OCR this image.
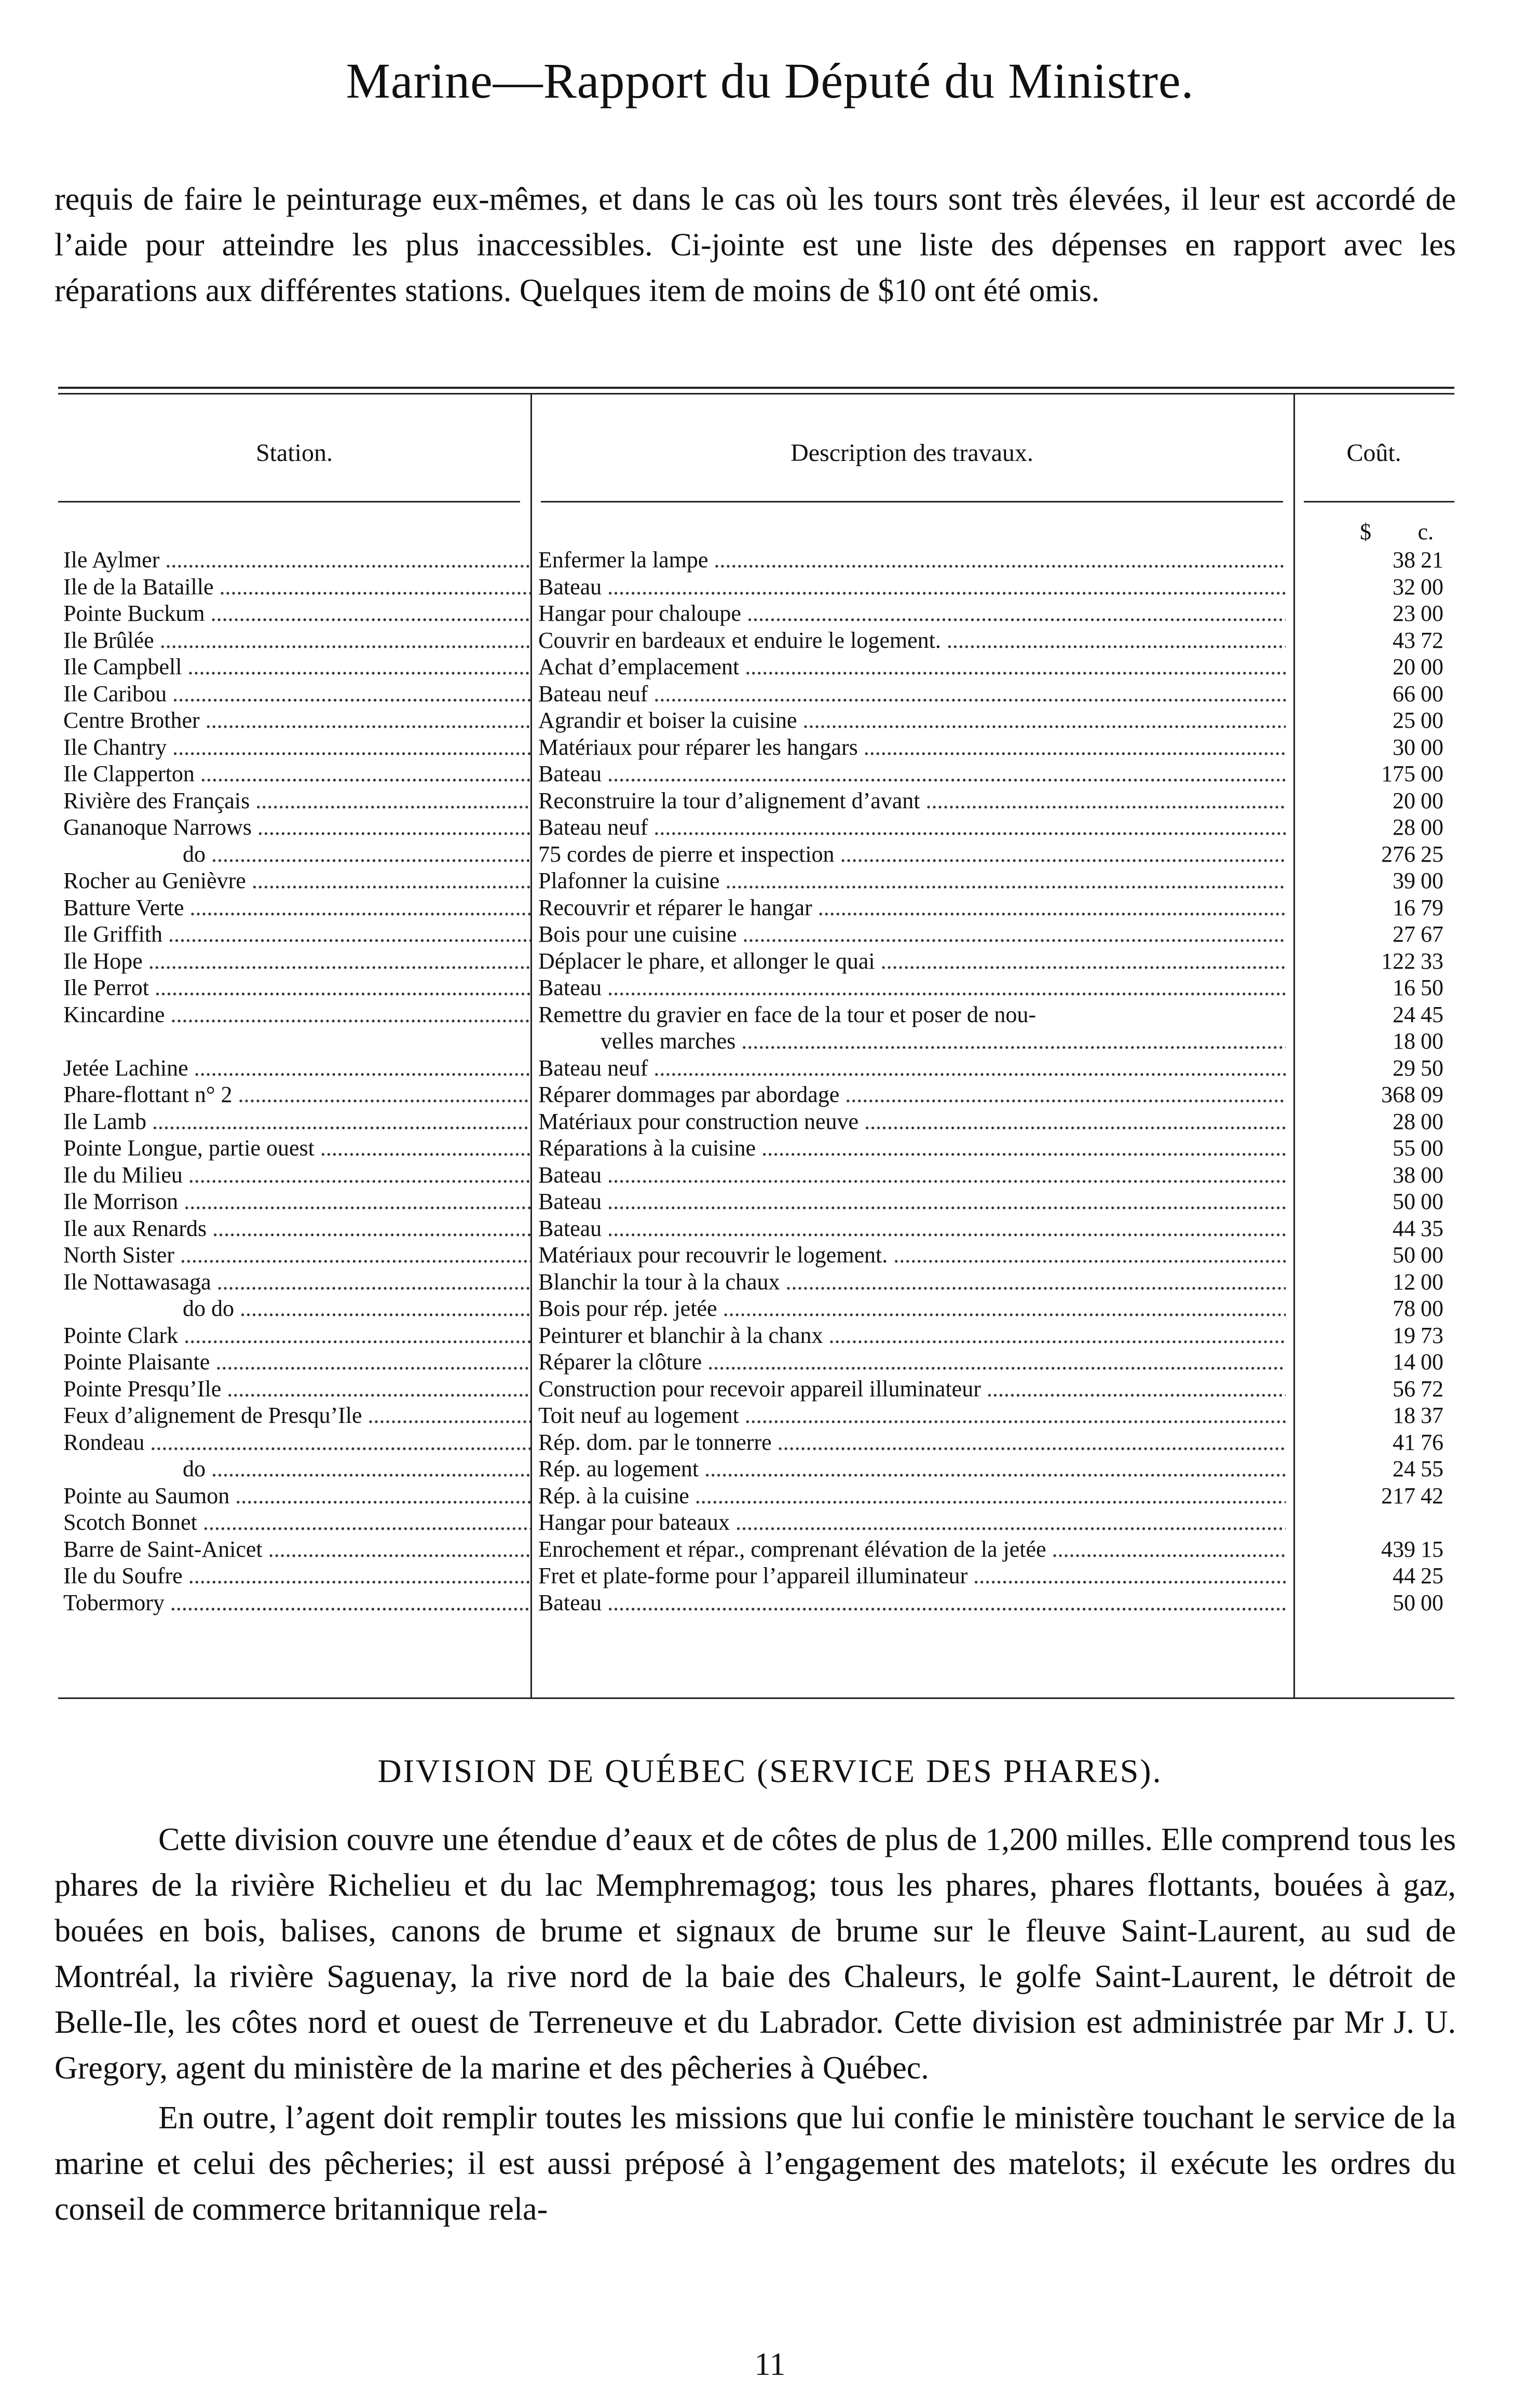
Marine—Rapport du Député du Ministre.

requis de faire le peinturage eux-mêmes, et dans le cas où les tours sont très élevées, il leur est accordé de l’aide pour atteindre les plus inaccessibles. Ci-jointe est une liste des dépenses en rapport avec les réparations aux différentes stations. Quelques item de moins de $10 ont été omis.

Station.	Description des travaux.	Coût.
$ c.
Ile Aylmer .....	Enfermer la lampe .....	38 21
Ile de la Bataille .....	Bateau .....	32 00
Pointe Buckum .....	Hangar pour chaloupe .....	23 00
Ile Brûlée .....	Couvrir en bardeaux et enduire le logement. .....	43 72
Ile Campbell .....	Achat d’emplacement .....	20 00
Ile Caribou .....	Bateau neuf .....	66 00
Centre Brother .....	Agrandir et boiser la cuisine .....	25 00
Ile Chantry .....	Matériaux pour réparer les hangars .....	30 00
Ile Clapperton .....	Bateau .....	175 00
Rivière des Français .....	Reconstruire la tour d’alignement d’avant .....	20 00
Gananoque Narrows .....	Bateau neuf .....	28 00
do .....	75 cordes de pierre et inspection .....	276 25
Rocher au Genièvre .....	Plafonner la cuisine .....	39 00
Batture Verte .....	Recouvrir et réparer le hangar .....	16 79
Ile Griffith .....	Bois pour une cuisine .....	27 67
Ile Hope .....	Déplacer le phare, et allonger le quai .....	122 33
Ile Perrot .....	Bateau .....	16 50
Kincardine .....	Remettre du gravier en face de la tour et poser de nou-	24 45
velles marches .....	18 00
Jetée Lachine .....	Bateau neuf .....	29 50
Phare-flottant n° 2 .....	Réparer dommages par abordage .....	368 09
Ile Lamb .....	Matériaux pour construction neuve .....	28 00
Pointe Longue, partie ouest .....	Réparations à la cuisine .....	55 00
Ile du Milieu .....	Bateau .....	38 00
Ile Morrison .....	Bateau .....	50 00
Ile aux Renards .....	Bateau .....	44 35
North Sister .....	Matériaux pour recouvrir le logement. .....	50 00
Ile Nottawasaga .....	Blanchir la tour à la chaux .....	12 00
do do .....	Bois pour rép. jetée .....	78 00
Pointe Clark .....	Peinturer et blanchir à la chanx .....	19 73
Pointe Plaisante .....	Réparer la clôture .....	14 00
Pointe Presqu’Ile .....	Construction pour recevoir appareil illuminateur .....	56 72
Feux d’alignement de Presqu’Ile .....	Toit neuf au logement .....	18 37
Rondeau .....	Rép. dom. par le tonnerre .....	41 76
do .....	Rép. au logement .....	24 55
Pointe au Saumon .....	Rép. à la cuisine .....	217 42
Scotch Bonnet .....	Hangar pour bateaux .....
Barre de Saint-Anicet .....	Enrochement et répar., comprenant élévation de la jetée .....	439 15
Ile du Soufre .....	Fret et plate-forme pour l’appareil illuminateur .....	44 25
Tobermory .....	Bateau .....	50 00
DIVISION DE QUÉBEC (SERVICE DES PHARES).

Cette division couvre une étendue d’eaux et de côtes de plus de 1,200 milles. Elle comprend tous les phares de la rivière Richelieu et du lac Memphremagog; tous les phares, phares flottants, bouées à gaz, bouées en bois, balises, canons de brume et signaux de brume sur le fleuve Saint-Laurent, au sud de Montréal, la rivière Saguenay, la rive nord de la baie des Chaleurs, le golfe Saint-Laurent, le détroit de Belle-Ile, les côtes nord et ouest de Terreneuve et du Labrador. Cette division est administrée par Mr J. U. Gregory, agent du ministère de la marine et des pêcheries à Québec.

En outre, l’agent doit remplir toutes les missions que lui confie le ministère touchant le service de la marine et celui des pêcheries; il est aussi préposé à l’engagement des matelots; il exécute les ordres du conseil de commerce britannique rela-

11
